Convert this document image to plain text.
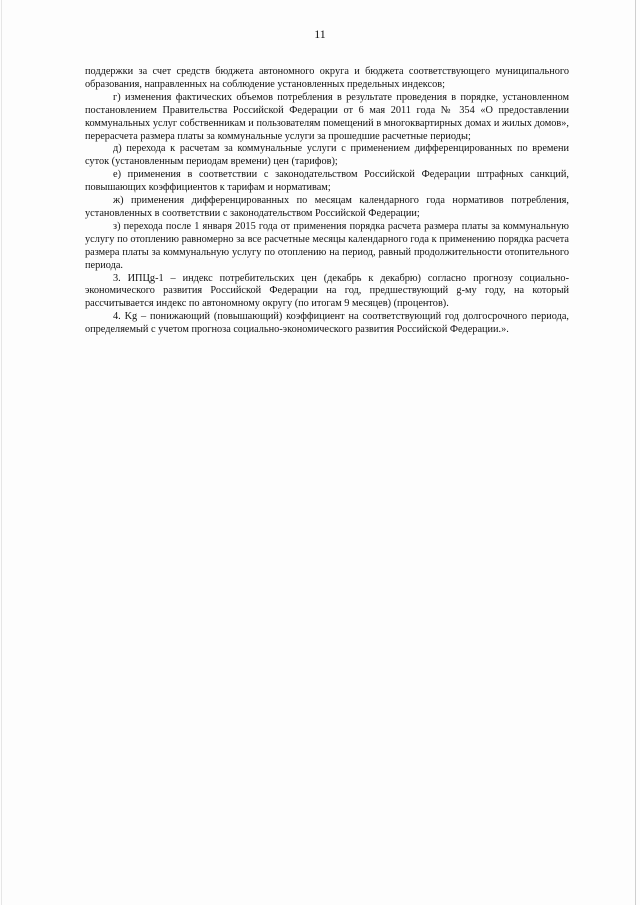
11

поддержки за счет средств бюджета автономного округа и бюджета соответствующего муниципального образования, направленных на соблюдение установленных предельных индексов;

г) изменения фактических объемов потребления в результате проведения в порядке, установленном постановлением Правительства Российской Федерации от 6 мая 2011 года № 354 «О предоставлении коммунальных услуг собственникам и пользователям помещений в многоквартирных домах и жилых домов», перерасчета размера платы за коммунальные услуги за прошедшие расчетные периоды;

д) перехода к расчетам за коммунальные услуги с применением дифференцированных по времени суток (установленным периодам времени) цен (тарифов);

е) применения в соответствии с законодательством Российской Федерации штрафных санкций, повышающих коэффициентов к тарифам и нормативам;

ж) применения дифференцированных по месяцам календарного года нормативов потребления, установленных в соответствии с законодательством Российской Федерации;

з) перехода после 1 января 2015 года от применения порядка расчета размера платы за коммунальную услугу по отоплению равномерно за все расчетные месяцы календарного года к применению порядка расчета размера платы за коммунальную услугу по отоплению на период, равный продолжительности отопительного периода.

3. ИПЦg-1 – индекс потребительских цен (декабрь к декабрю) согласно прогнозу социально-экономического развития Российской Федерации на год, предшествующий g-му году, на который рассчитывается индекс по автономному округу (по итогам 9 месяцев) (процентов).

4. Kg – понижающий (повышающий) коэффициент на соответствующий год долгосрочного периода, определяемый с учетом прогноза социально-экономического развития Российской Федерации.».
